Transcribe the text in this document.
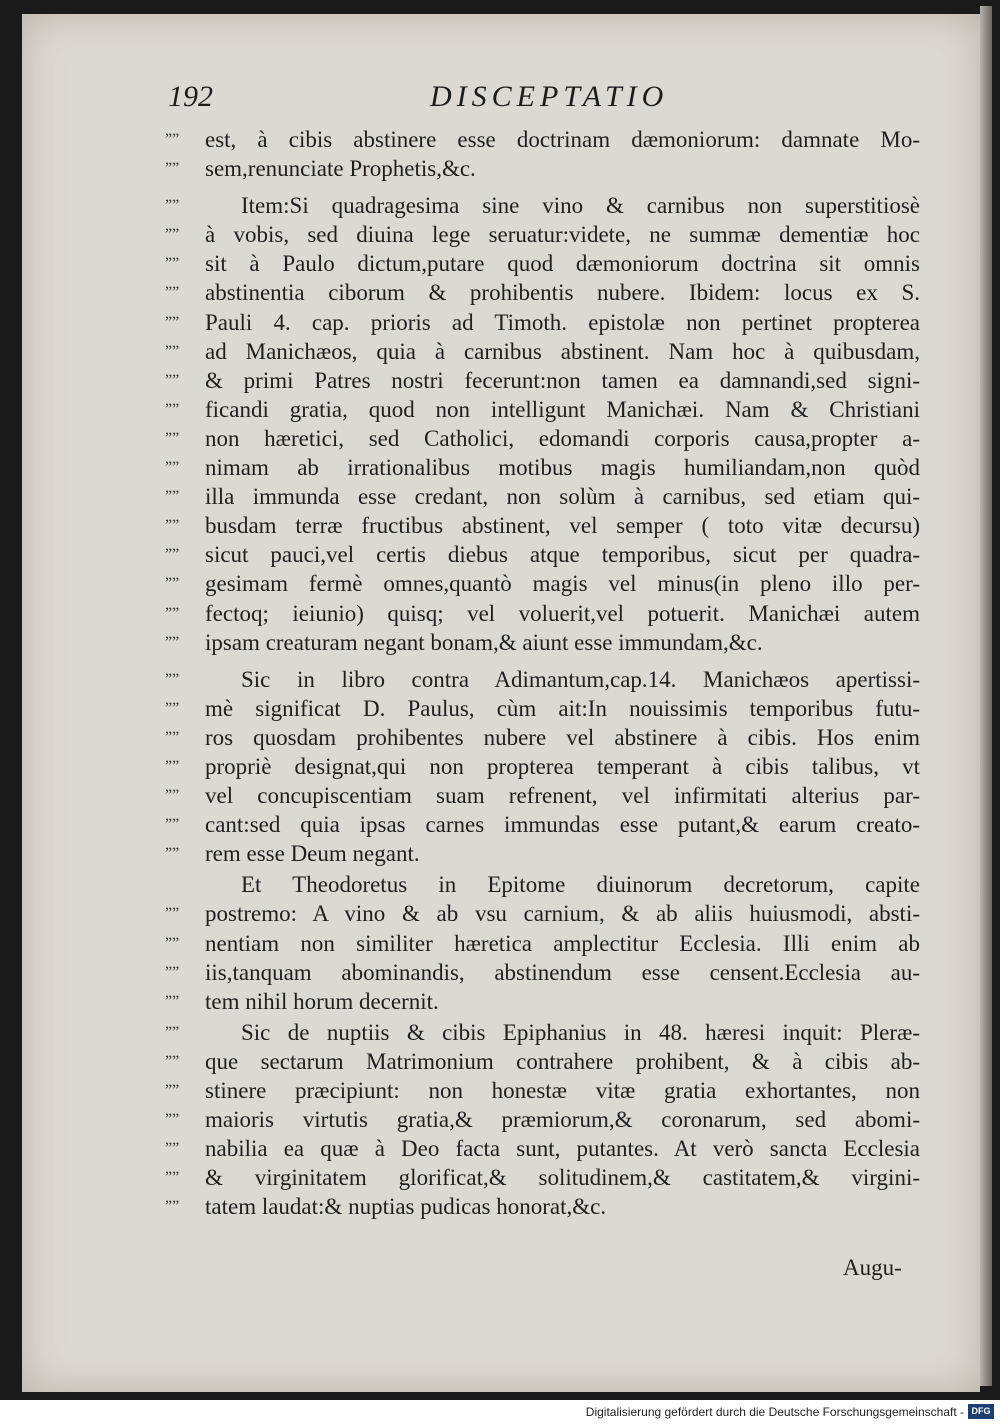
192	DISCEPTATIO
””	est, à cibis abstinere esse doctrinam dæmoniorum: damnate Mo-
””	sem,renunciate Prophetis,&c.
””	Item:Si quadragesima sine vino & carnibus non superstitiosè
””	à vobis, sed diuina lege seruatur:videte, ne summæ dementiæ hoc
””	sit à Paulo dictum,putare quod dæmoniorum doctrina sit omnis
””	abstinentia ciborum & prohibentis nubere. Ibidem: locus ex S.
””	Pauli 4. cap. prioris ad Timoth. epistolæ non pertinet propterea
””	ad Manichæos, quia à carnibus abstinent. Nam hoc à quibusdam,
””	& primi Patres nostri fecerunt:non tamen ea damnandi,sed signi-
””	ficandi gratia, quod non intelligunt Manichæi. Nam & Christiani
””	non hæretici, sed Catholici, edomandi corporis causa,propter a-
””	nimam ab irrationalibus motibus magis humiliandam,non quòd
””	illa immunda esse credant, non solùm à carnibus, sed etiam qui-
””	busdam terræ fructibus abstinent, vel semper ( toto vitæ decursu)
””	sicut pauci,vel certis diebus atque temporibus, sicut per quadra-
””	gesimam fermè omnes,quantò magis vel minus(in pleno illo per-
””	fectoq; ieiunio) quisq; vel voluerit,vel potuerit. Manichæi autem
””	ipsam creaturam negant bonam,& aiunt esse immundam,&c.
””	Sic in libro contra Adimantum,cap.14. Manichæos apertissi-
””	mè significat D. Paulus, cùm ait:In nouissimis temporibus futu-
””	ros quosdam prohibentes nubere vel abstinere à cibis. Hos enim
””	propriè designat,qui non propterea temperant à cibis talibus, vt
””	vel concupiscentiam suam refrenent, vel infirmitati alterius par-
””	cant:sed quia ipsas carnes immundas esse putant,& earum creato-
””	rem esse Deum negant.
Et Theodoretus in Epitome diuinorum decretorum, capite
””	postremo: A vino & ab vsu carnium, & ab aliis huiusmodi, absti-
””	nentiam non similiter hæretica amplectitur Ecclesia. Illi enim ab
””	iis,tanquam abominandis, abstinendum esse censent.Ecclesia au-
””	tem nihil horum decernit.
””	Sic de nuptiis & cibis Epiphanius in 48. hæresi inquit: Pleræ-
””	que sectarum Matrimonium contrahere prohibent, & à cibis ab-
””	stinere præcipiunt: non honestæ vitæ gratia exhortantes, non
””	maioris virtutis gratia,& præmiorum,& coronarum, sed abomi-
””	nabilia ea quæ à Deo facta sunt, putantes. At verò sancta Ecclesia
””	& virginitatem glorificat,& solitudinem,& castitatem,& virgini-
””	tatem laudat:& nuptias pudicas honorat,&c.
Augu-
Digitalisierung gefördert durch die Deutsche Forschungsgemeinschaft - DFG
